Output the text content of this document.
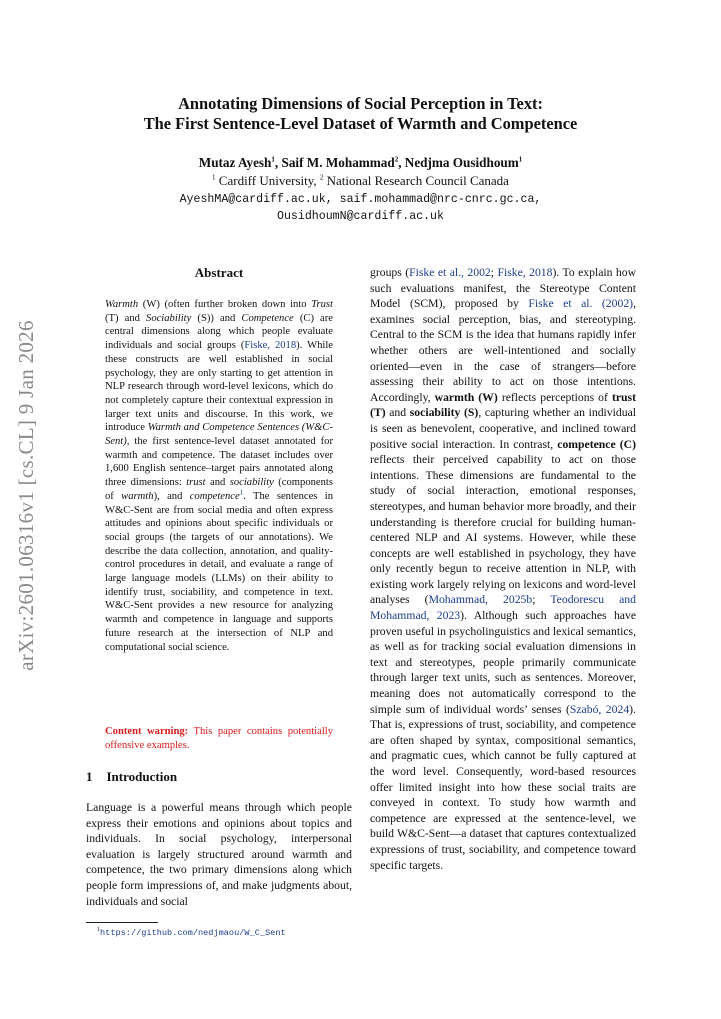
arXiv:2601.06316v1 [cs.CL] 9 Jan 2026
Annotating Dimensions of Social Perception in Text:
The First Sentence-Level Dataset of Warmth and Competence
Mutaz Ayesh$^1$, Saif M. Mohammad$^2$, Nedjma Ousidhoum$^1$
$^1$ Cardiff University, $^2$ National Research Council Canada
AyeshMA@cardiff.ac.uk, saif.mohammad@nrc-cnrc.gc.ca,
OusidhoumN@cardiff.ac.uk
Abstract
Warmth (W) (often further broken down into Trust (T) and Sociability (S)) and Competence (C) are central dimensions along which people evaluate individuals and social groups (Fiske, 2018). While these constructs are well established in social psychology, they are only starting to get attention in NLP research through word-level lexicons, which do not completely capture their contextual expression in larger text units and discourse. In this work, we introduce Warmth and Competence Sentences (W&C-Sent), the first sentence-level dataset annotated for warmth and competence. The dataset includes over 1,600 English sentence–target pairs annotated along three dimensions: trust and sociability (components of warmth), and competence$^1$. The sentences in W&C-Sent are from social media and often express attitudes and opinions about specific individuals or social groups (the targets of our annotations). We describe the data collection, annotation, and quality-control procedures in detail, and evaluate a range of large language models (LLMs) on their ability to identify trust, sociability, and competence in text. W&C-Sent provides a new resource for analyzing warmth and competence in language and supports future research at the intersection of NLP and computational social science.
Content warning: This paper contains potentially offensive examples.
1 Introduction
Language is a powerful means through which people express their emotions and opinions about topics and individuals. In social psychology, interpersonal evaluation is largely structured around warmth and competence, the two primary dimensions along which people form impressions of, and make judgments about, individuals and social
$^1$https://github.com/nedjmaou/W_C_Sent
groups (Fiske et al., 2002; Fiske, 2018). To explain how such evaluations manifest, the Stereotype Content Model (SCM), proposed by Fiske et al. (2002), examines social perception, bias, and stereotyping. Central to the SCM is the idea that humans rapidly infer whether others are well-intentioned and socially oriented—even in the case of strangers—before assessing their ability to act on those intentions. Accordingly, warmth (W) reflects perceptions of trust (T) and sociability (S), capturing whether an individual is seen as benevolent, cooperative, and inclined toward positive social interaction. In contrast, competence (C) reflects their perceived capability to act on those intentions. These dimensions are fundamental to the study of social interaction, emotional responses, stereotypes, and human behavior more broadly, and their understanding is therefore crucial for building human-centered NLP and AI systems. However, while these concepts are well established in psychology, they have only recently begun to receive attention in NLP, with existing work largely relying on lexicons and word-level analyses (Mohammad, 2025b; Teodorescu and Mohammad, 2023). Although such approaches have proven useful in psycholinguistics and lexical semantics, as well as for tracking social evaluation dimensions in text and stereotypes, people primarily communicate through larger text units, such as sentences. Moreover, meaning does not automatically correspond to the simple sum of individual words’ senses (Szabó, 2024). That is, expressions of trust, sociability, and competence are often shaped by syntax, compositional semantics, and pragmatic cues, which cannot be fully captured at the word level. Consequently, word-based resources offer limited insight into how these social traits are conveyed in context. To study how warmth and competence are expressed at the sentence-level, we build W&C-Sent—a dataset that captures contextualized expressions of trust, sociability, and competence toward specific targets.
